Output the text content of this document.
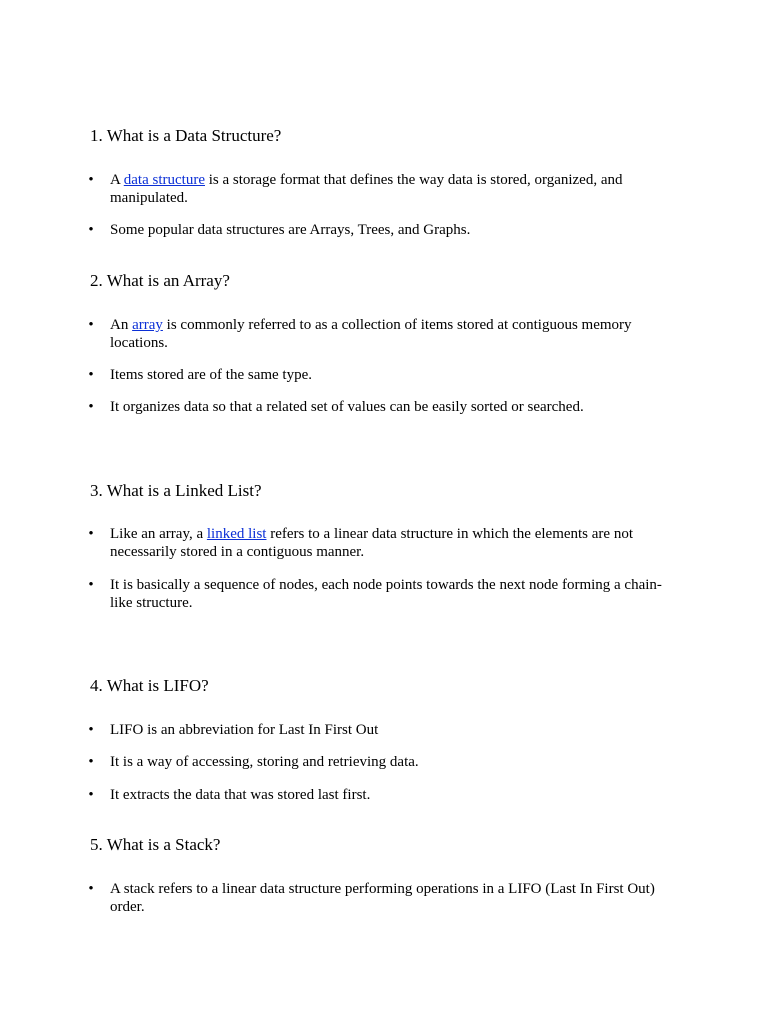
1. What is a Data Structure?

• A data structure is a storage format that defines the way data is stored, organized, and manipulated.

• Some popular data structures are Arrays, Trees, and Graphs.

2. What is an Array?

• An array is commonly referred to as a collection of items stored at contiguous memory locations.

• Items stored are of the same type.

• It organizes data so that a related set of values can be easily sorted or searched.

3. What is a Linked List?

• Like an array, a linked list refers to a linear data structure in which the elements are not necessarily stored in a contiguous manner.

• It is basically a sequence of nodes, each node points towards the next node forming a chain-like structure.

4. What is LIFO?

• LIFO is an abbreviation for Last In First Out

• It is a way of accessing, storing and retrieving data.

• It extracts the data that was stored last first.

5. What is a Stack?

• A stack refers to a linear data structure performing operations in a LIFO (Last In First Out) order.
